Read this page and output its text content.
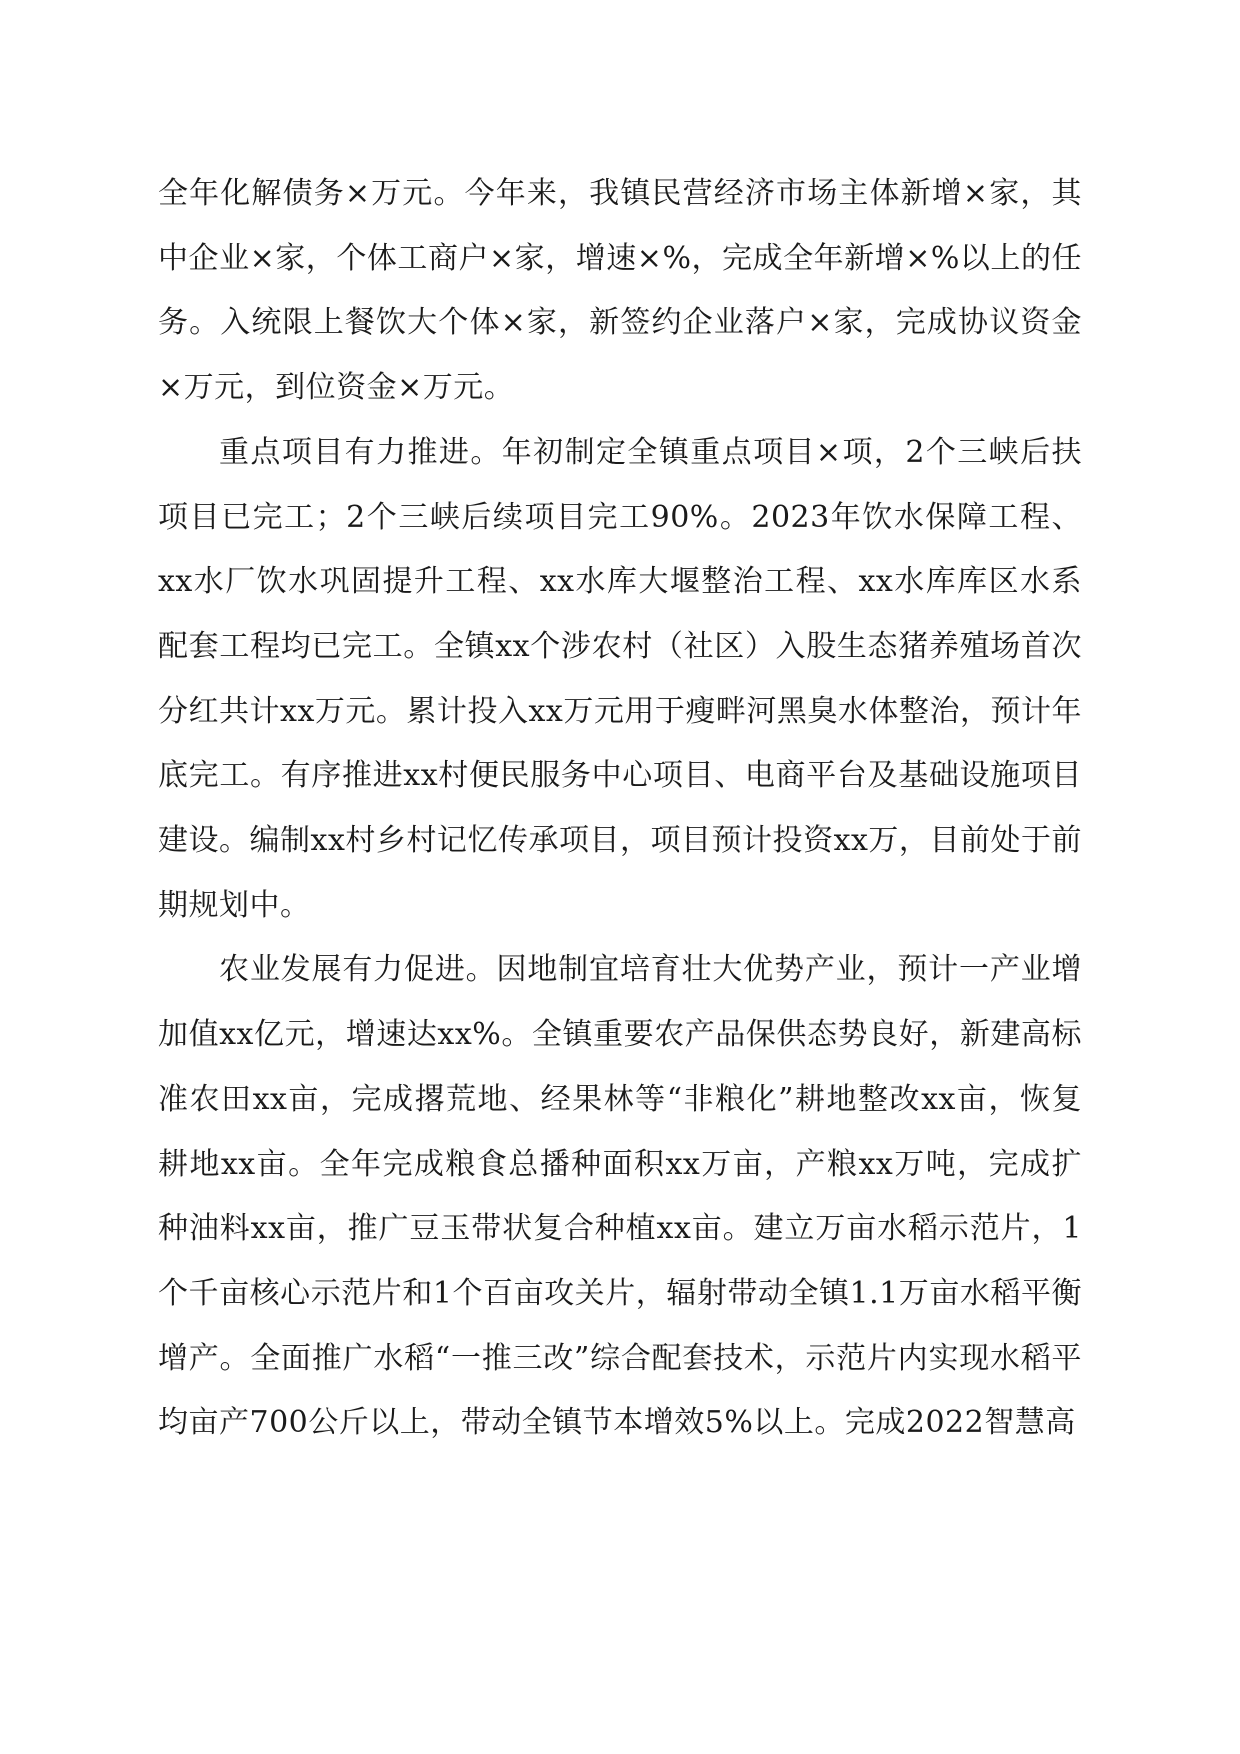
全年化解债务×万元。今年来，我镇民营经济市场主体新增×家，其中企业×家，个体工商户×家，增速×%，完成全年新增×%以上的任务。入统限上餐饮大个体×家，新签约企业落户×家，完成协议资金×万元，到位资金×万元。

重点项目有力推进。年初制定全镇重点项目×项，2个三峡后扶项目已完工；2个三峡后续项目完工90%。2023年饮水保障工程、xx水厂饮水巩固提升工程、xx水库大堰整治工程、xx水库库区水系配套工程均已完工。全镇xx个涉农村（社区）入股生态猪养殖场首次分红共计xx万元。累计投入xx万元用于瘦畔河黑臭水体整治，预计年底完工。有序推进xx村便民服务中心项目、电商平台及基础设施项目建设。编制xx村乡村记忆传承项目，项目预计投资xx万，目前处于前期规划中。

农业发展有力促进。因地制宜培育壮大优势产业，预计一产业增加值xx亿元，增速达xx%。全镇重要农产品保供态势良好，新建高标准农田xx亩，完成撂荒地、经果林等“非粮化”耕地整改xx亩，恢复耕地xx亩。全年完成粮食总播种面积xx万亩，产粮xx万吨，完成扩种油料xx亩，推广豆玉带状复合种植xx亩。建立万亩水稻示范片，1个千亩核心示范片和1个百亩攻关片，辐射带动全镇1.1万亩水稻平衡增产。全面推广水稻“一推三改”综合配套技术，示范片内实现水稻平均亩产700公斤以上，带动全镇节本增效5%以上。完成2022智慧高
